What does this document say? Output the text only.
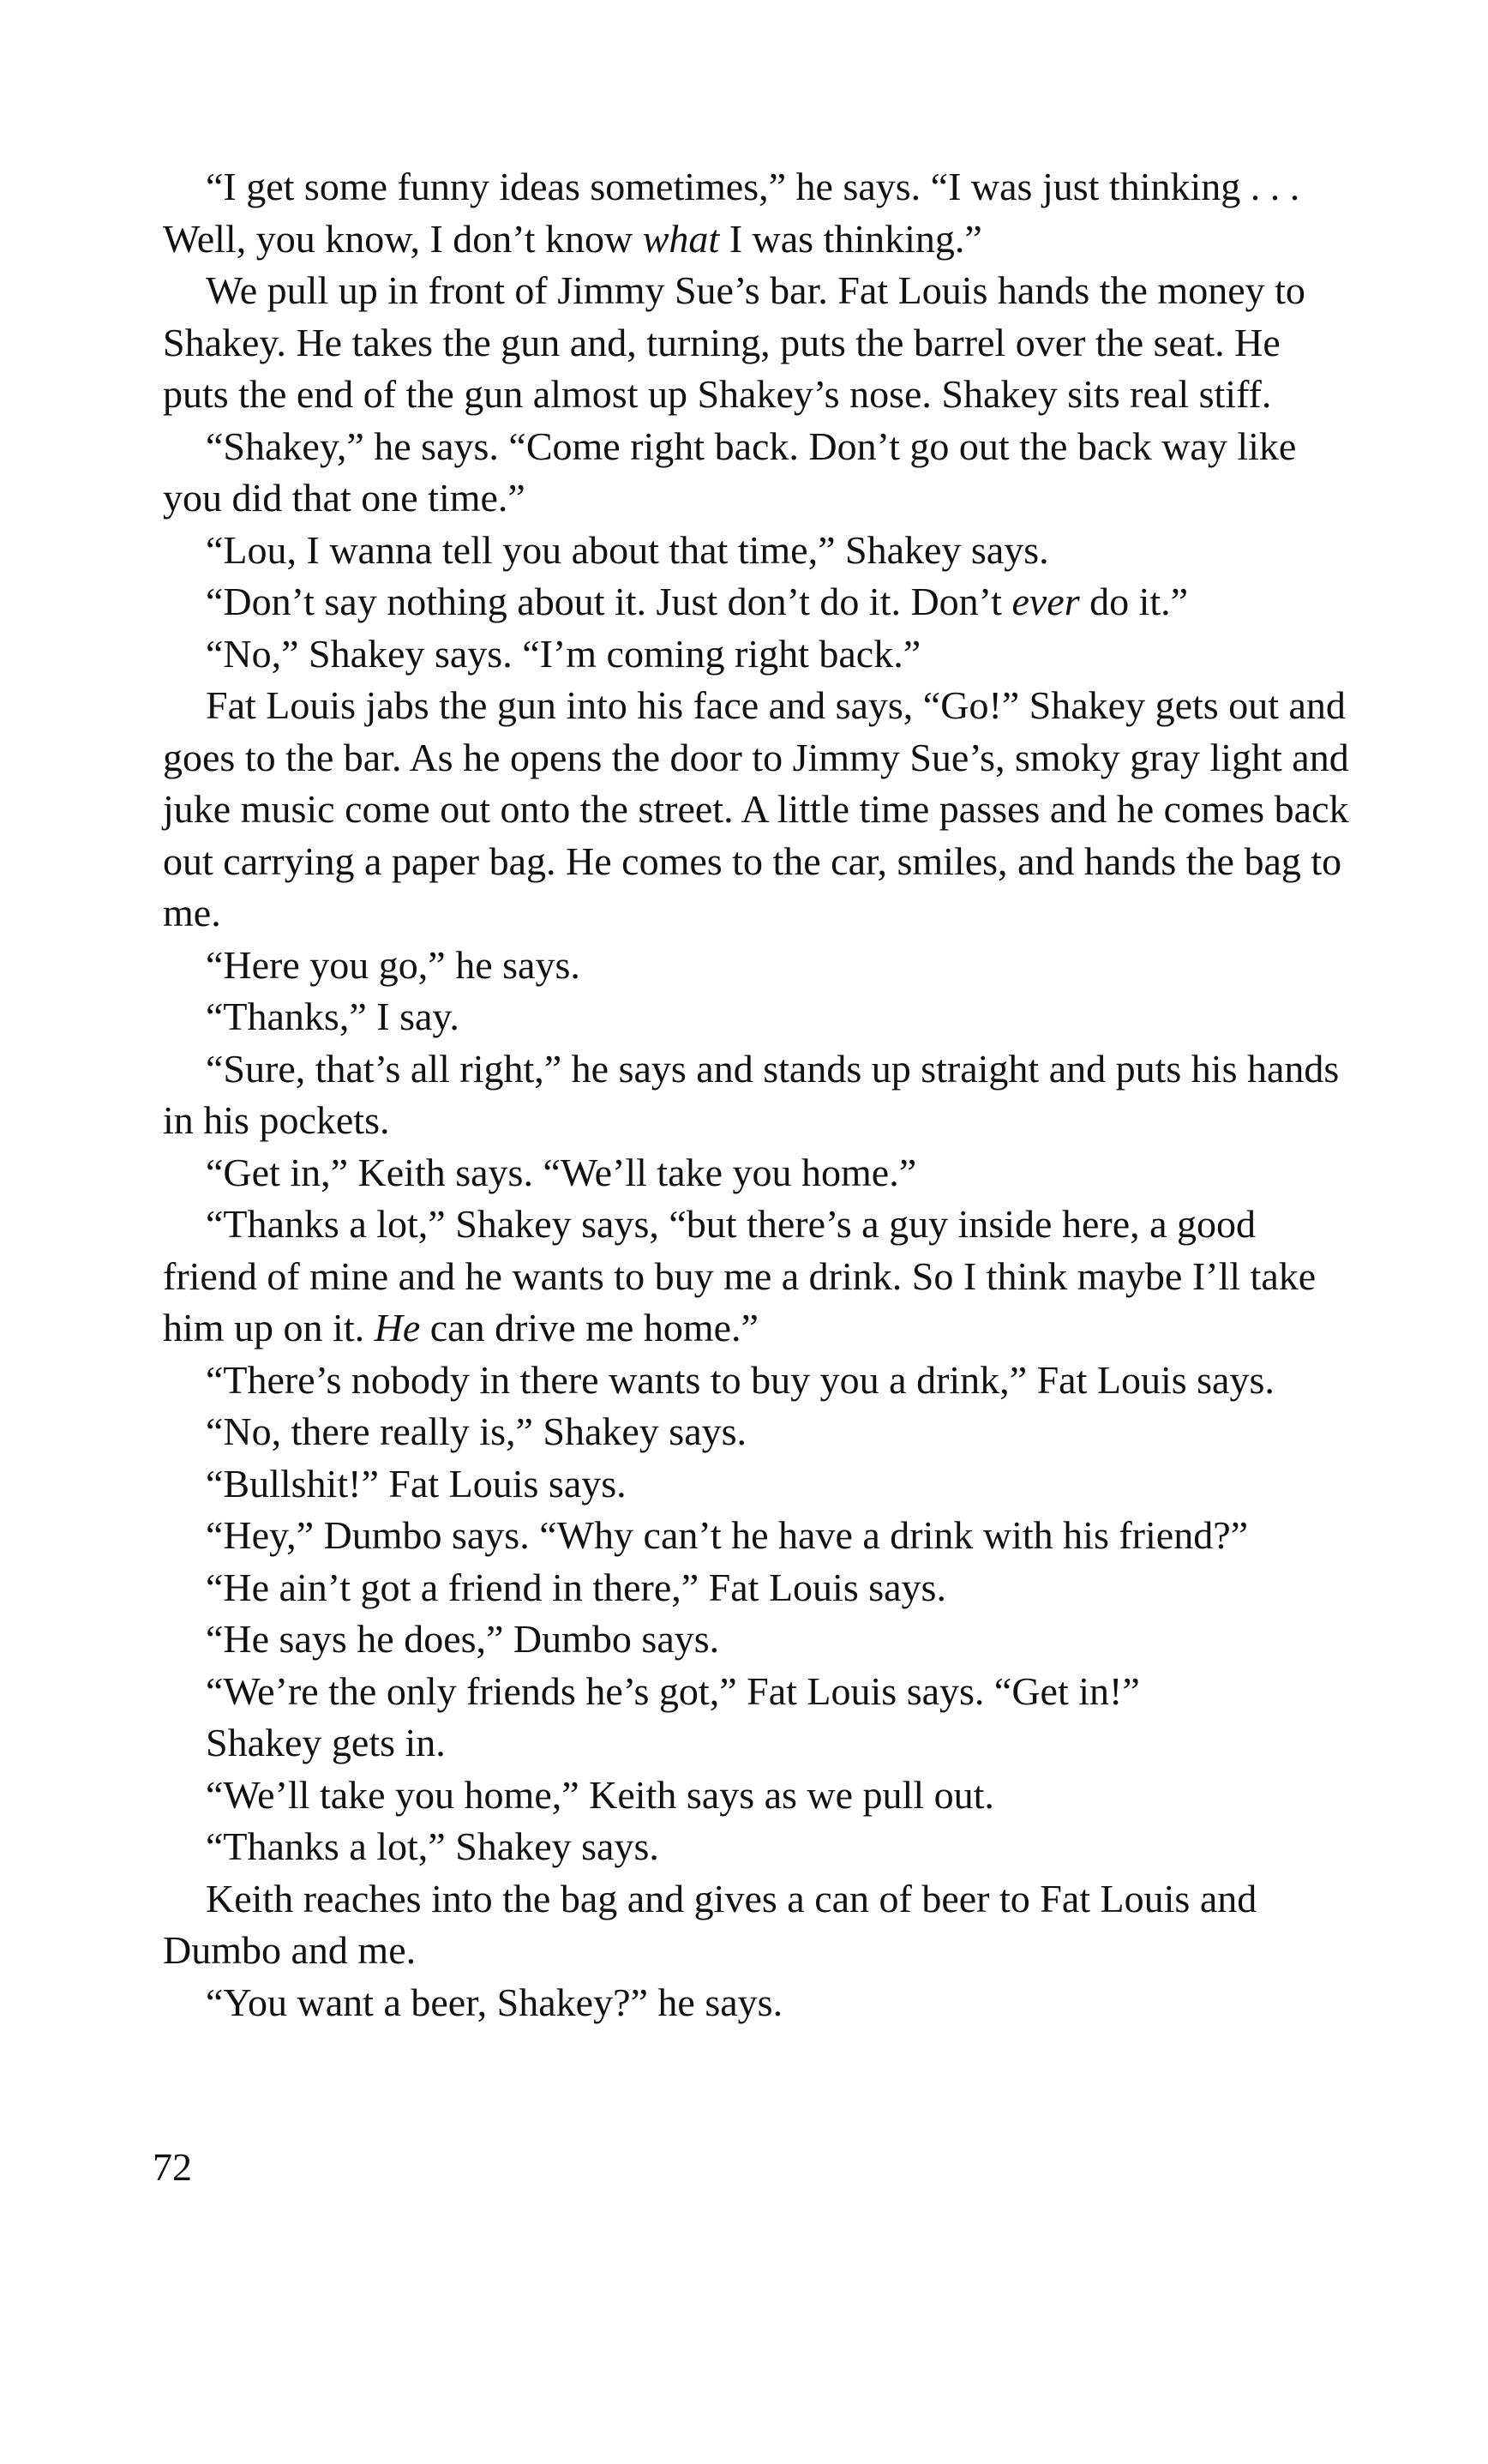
“I get some funny ideas sometimes,” he says. “I was just thinking . . . Well, you know, I don’t know what I was thinking.”

We pull up in front of Jimmy Sue’s bar. Fat Louis hands the money to Shakey. He takes the gun and, turning, puts the barrel over the seat. He puts the end of the gun almost up Shakey’s nose. Shakey sits real stiff.

“Shakey,” he says. “Come right back. Don’t go out the back way like you did that one time.”

“Lou, I wanna tell you about that time,” Shakey says.

“Don’t say nothing about it. Just don’t do it. Don’t ever do it.”

“No,” Shakey says. “I’m coming right back.”

Fat Louis jabs the gun into his face and says, “Go!” Shakey gets out and goes to the bar. As he opens the door to Jimmy Sue’s, smoky gray light and juke music come out onto the street. A little time passes and he comes back out carrying a paper bag. He comes to the car, smiles, and hands the bag to me.

“Here you go,” he says.

“Thanks,” I say.

“Sure, that’s all right,” he says and stands up straight and puts his hands in his pockets.

“Get in,” Keith says. “We’ll take you home.”

“Thanks a lot,” Shakey says, “but there’s a guy inside here, a good friend of mine and he wants to buy me a drink. So I think maybe I’ll take him up on it. He can drive me home.”

“There’s nobody in there wants to buy you a drink,” Fat Louis says.

“No, there really is,” Shakey says.

“Bullshit!” Fat Louis says.

“Hey,” Dumbo says. “Why can’t he have a drink with his friend?”

“He ain’t got a friend in there,” Fat Louis says.

“He says he does,” Dumbo says.

“We’re the only friends he’s got,” Fat Louis says. “Get in!”

Shakey gets in.

“We’ll take you home,” Keith says as we pull out.

“Thanks a lot,” Shakey says.

Keith reaches into the bag and gives a can of beer to Fat Louis and Dumbo and me.

“You want a beer, Shakey?” he says.

72
